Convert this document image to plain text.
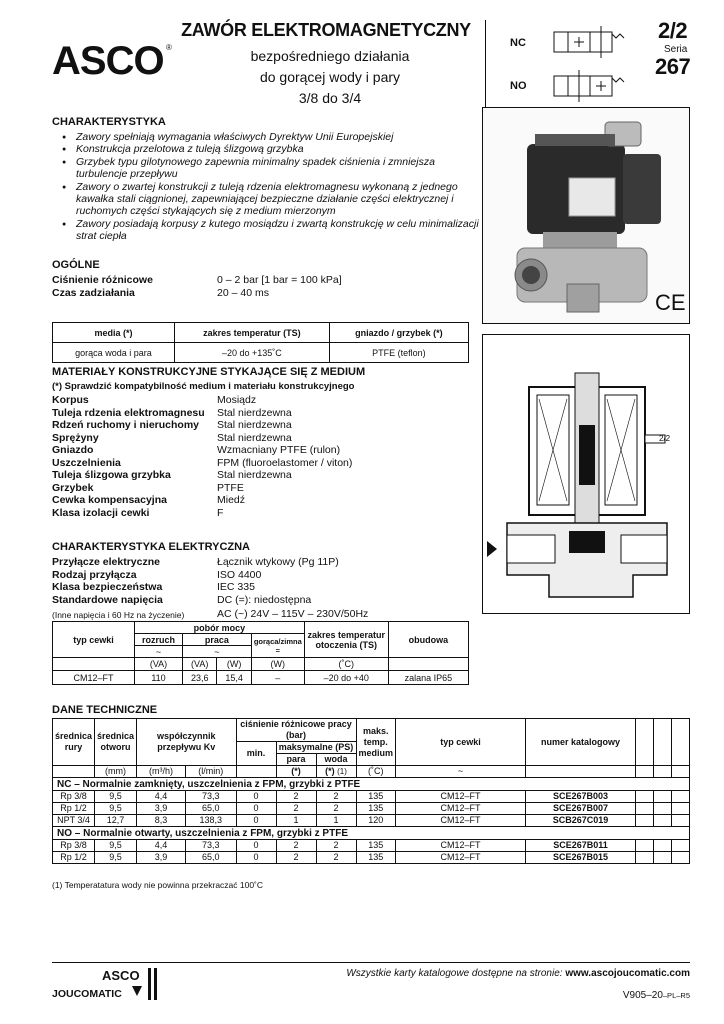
ASCO ®
ZAWÓR ELEKTROMAGNETYCZNY
bezpośredniego działania
do gorącej wody i pary
3/8 do 3/4
NC
NO
2/2
Seria
267
CHARAKTERYSTYKA
● Zawory spełniają wymagania właściwych Dyrektyw Unii Europejskiej
● Konstrukcja przelotowa z tuleją ślizgową grzybka
● Grzybek typu gilotynowego zapewnia minimalny spadek ciśnienia i zmniejsza turbulencje przepływu
● Zawory o zwartej konstrukcji z tuleją rdzenia elektromagnesu wykonaną z jednego kawałka stali ciągnionej, zapewniającej bezpieczne działanie części elektrycznej i ruchomych części stykających się z medium mierzonym
● Zawory posiadają korpusy z kutego mosiądzu i zwartą konstrukcję w celu minimalizacji strat ciepła
OGÓLNE
Ciśnienie różnicowe	0 – 2 bar [1 bar = 100 kPa]
Czas zadziałania	20 – 40 ms
media (*)	zakres temperatur (TS)	gniazdo / grzybek (*)
gorąca woda i para	–20 do +135˚C	PTFE (teflon)
CE
2/2
MATERIAŁY KONSTRUKCYJNE STYKAJĄCE SIĘ Z MEDIUM
(*) Sprawdzić kompatybilność medium i materiału konstrukcyjnego
Korpus	Mosiądz
Tuleja rdzenia elektromagnesu	Stal nierdzewna
Rdzeń ruchomy i nieruchomy	Stal nierdzewna
Sprężyny	Stal nierdzewna
Gniazdo	Wzmacniany PTFE (rulon)
Uszczelnienia	FPM (fluoroelastomer / viton)
Tuleja ślizgowa grzybka	Stal nierdzewna
Grzybek	PTFE
Cewka kompensacyjna	Miedź
Klasa izolacji cewki	F
CHARAKTERYSTYKA ELEKTRYCZNA
Przyłącze elektryczne	Łącznik wtykowy (Pg 11P)
Rodzaj przyłącza	ISO 4400
Klasa bezpieczeństwa	IEC 335
Standardowe napięcia	DC (=): niedostępna
(Inne napięcia i 60 Hz na życzenie)	AC (~) 24V – 115V – 230V/50Hz
typ cewki	pobór mocy				zakres temperatur otoczenia (TS)	obudowa
	rozruch	praca		gorąca/zimna
=		
	~	~				
	(VA)	(VA)	(W)	(W)	(˚C)	
CM12–FT	110	23,6	15,4	–	–20 do +40	zalana IP65
DANE TECHNICZNE
średnica rury	średnica otworu	współczynnik przepływu Kv		ciśnienie różnicowe pracy (bar)			maks. temp. medium	typ cewki	numer katalogowy			
				min.	maksymalne (PS)							
					para	woda						
	(mm)	(m³/h)	(l/min)		(*)	(*) (1)	(˚C)	~				
NC – Normalnie zamknięty, uszczelnienia z FPM, grzybki z PTFE												
Rp 3/8	9,5	4,4	73,3	0	2	2	135	CM12–FT	SCE267B003			
Rp 1/2	9,5	3,9	65,0	0	2	2	135	CM12–FT	SCE267B007			
NPT 3/4	12,7	8,3	138,3	0	1	1	120	CM12–FT	SCB267C019			
NO – Normalnie otwarty, uszczelnienia z FPM, grzybki z PTFE												
Rp 3/8	9,5	4,4	73,3	0	2	2	135	CM12–FT	SCE267B011			
Rp 1/2	9,5	3,9	65,0	0	2	2	135	CM12–FT	SCE267B015			
(1) Temperatatura wody nie powinna przekraczać 100˚C
ASCO
JOUCOMATIC
Wszystkie karty katalogowe dostępne na stronie: www.ascojoucomatic.com
V905–20–PL–R5
